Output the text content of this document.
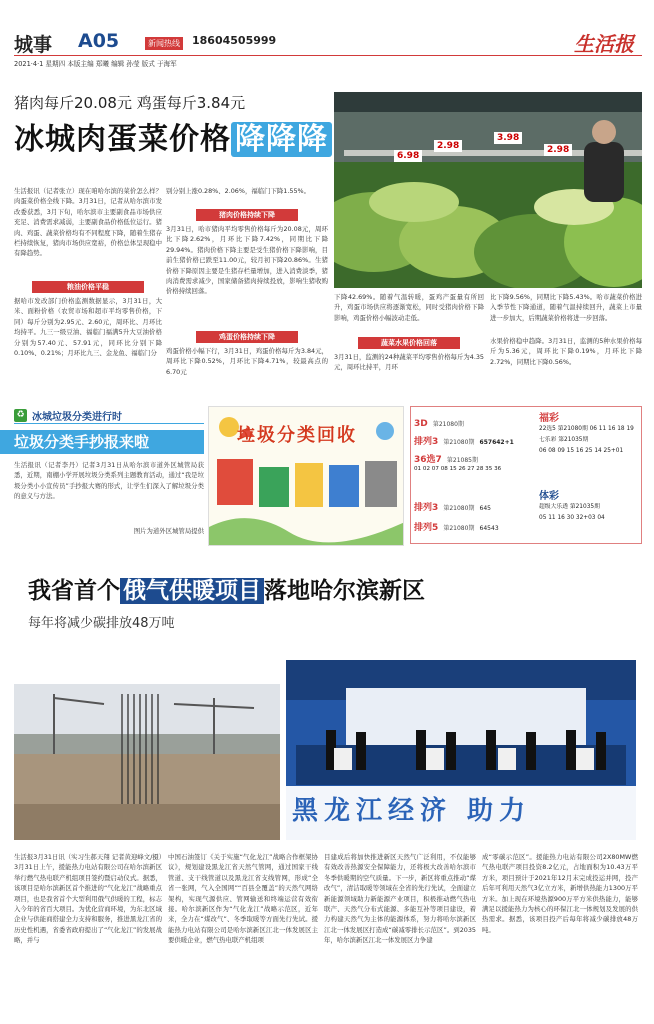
城事 A05	新闻热线 18604505999	生活报
2021·4·1 星期四 本版主编 郑曦 编辑 孙莹 版式 于海军
猪肉每斤20.08元 鸡蛋每斤3.84元
冰城肉蛋菜价格 降降降	2.98
3.98
2.98
6.98
生活报讯（记者张立）现在咱哈尔滨的菜价怎么样？肉蛋菜价格全线下降。3月31日，记者从哈尔滨市发改委获悉，3月下旬，哈尔滨市主要副食品市场供应充足、消费需求减弱，主要副食品价格低位运行。猪肉、鸡蛋、蔬菜价格均有不同程度下降，随着生猪存栏持续恢复，猪肉市场供应宽裕，价格总体呈现稳中有降趋势。
粮油价格平稳
据哈市发改部门价格监测数据显示，3月31日，大米、面粉价格（农贸市场和超市平均零售价格，下同）每斤分别为2.95元、2.60元，周环比、月环比均持平。九三一级豆油、福临门福满5升大豆油价格分别为57.40元、57.91元，同环比分别下降0.10%、0.21%；月环比九三、金龙鱼、福临门分
别分别上涨0.28%、2.06%，福临门下降1.55%。
猪肉价格持续下降
3月31日，哈市猪肉平均零售价格每斤为20.08元，周环比下降2.62%，月环比下降7.42%，同期比下降29.94%。猪肉价格下降主要是受生猪价格下降影响，目前生猪价格已跌至11.00元，较月初下降20.86%。生猪价格下降原因主要是生猪存栏量增加，进入消费淡季，猪肉消费需求减少，国家储备猪肉持续投放，影响生猪收购价格持续回落。
鸡蛋价格持续下降
鸡蛋价格小幅下行，3月31日，鸡蛋价格每斤为3.84元，周环比下降0.52%，月环比下降4.71%，较最高点的6.70元
下降42.69%。随着气温转暖，蛋鸡产蛋量有所回升，鸡蛋市场供应将逐渐宽松，同时受猪肉价格下降影响，鸡蛋价格小幅波动走低。
蔬菜水果价格回落
3月31日，监测的24种蔬菜平均零售价格每斤为4.35元，周环比持平，月环
比下降9.56%，同期比下降5.43%。哈市蔬菜价格进入季节性下降通道，随着气温持续回升，蔬菜上市量进一步加大，后期蔬菜价格将进一步回落。
水果价格稳中趋降。3月31日，监测的5种水果价格每斤为5.36元，周环比下降0.19%，月环比下降2.72%，同期比下降0.56%。
♻ 冰城垃圾分类进行时
垃圾分类手抄报来啦
生活报讯（记者李丹）记者3月31日从哈尔滨市道外区城管局获悉，近期，南棚小学开展垃圾分类系列主题教育活动，通过“我是垃圾分类小小宣传员”手抄报大赛的形式，让学生们深入了解垃圾分类的意义与方法。
图片为道外区城管局提供
垃圾分类回收
3D 第21080期
排列3 第21080期 657642+1
36选7 第21085期
01 02 07 08 15 26 27 28 35 36
排列3 第21080期 645
排列5 第21080期 64543
福彩
22选5 第21080期 06 11 16 18 19
七乐彩 第21035期
06 08 09 15 16 25 14 25+01
体彩
超级大乐透 第21035期
05 11 16 30 32+03 04
我省首个 俄气供暖项目 落地哈尔滨新区
每年将减少碳排放48万吨
黑龙江经济 助力
生活报3月31日讯（实习生郝天翔 记者黄迎峰文/摄）3月31日上午，援能热力电站有限公司在哈尔滨新区举行燃气热电联产机组项目签约暨启动仪式。据悉，该项目是哈尔滨新区首个推进的“气化龙江”战略重点项目，也是我省首个大型利用俄气供暖的工程，标志入今年的省百大项目。为优化营商环境，为东北区域企业与供能商搭建全力支持和服务，推进黑龙江省的历史性机遇，省委省政府提出了“气化龙江”的发展战略，并与
中国石油签订《关于实施“气化龙江”战略合作框架协议》，规划建设黑龙江省天然气管网，通过国家干线管道、支干线管道以及黑龙江省支线管网，形成“全省一张网，气入全国网”“百县全覆盖”的天然气网络架构，实现气源供应、管网输送和终端运营有效衔接。哈尔滨新区作为“气化龙江”战略示范区，近年来，全力在“煤改气”、冬季取暖等方面先行先试。援能热力电站有限公司是哈尔滨新区江北一体发展区主要供暖企业，燃气热电联产机组项
目建成后将加快推进新区天然气广泛利用，不仅能够有效改善热源安全保障能力，还将极大改善哈尔滨市冬季供暖期的空气质量。下一步，新区将重点推动“煤改气”，清洁取暖等领域在全省的先行先试，全面建立新能源领域助力新能源产业项目，积极推动燃气热电联产、天然气分布式能源、多能互补等项目建设，着力构建天然气为主体的能源体系，努力将哈尔滨新区江北一体发展区打造成“碳减零排长示范区”。到2035年，哈尔滨新区江北一体发展区力争建
成“零碳示范区”。援能热力电站有限公司2X80MW燃气热电联产项目投资8.2亿元，占地面积为10.43万平方米，项目预计于2021年12月末完成投运并网，投产后年可利用天然气3亿立方米，新增供热能力1300万平方米。加上现在环境热源900万平方米供热能力，能够满足以援能热力为核心的环保江北一体规划及发展的供热需求。据悉，该项目投产后每年将减少碳排放48万吨。
